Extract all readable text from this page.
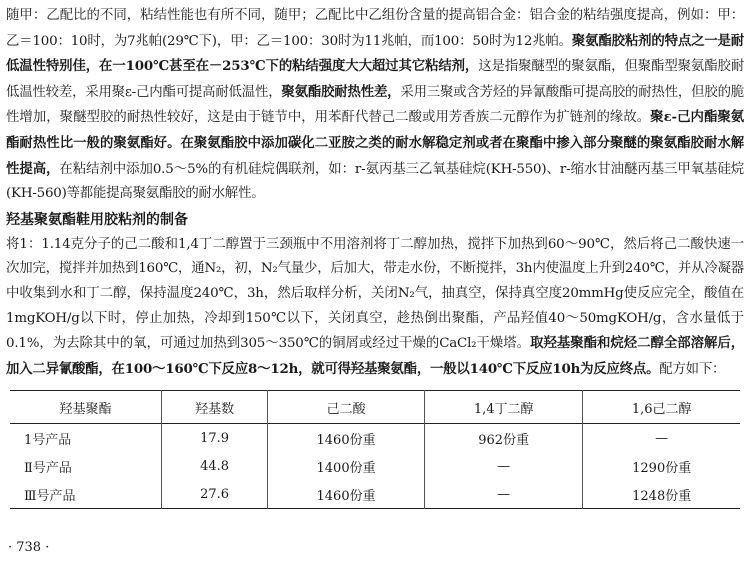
随甲：乙配比的不同，粘结性能也有所不同，随甲；乙配比中乙组份含量的提高铝合金：铝合金的粘结强度提高，例如：甲：乙＝100：10时，为7兆帕(29℃下)，甲：乙＝100：30时为11兆帕，而100：50时为12兆帕。聚氨酯胶粘剂的特点之一是耐低温性特别佳，在一100℃甚至在－253℃下的粘结强度大大超过其它粘结剂，这是指聚醚型的聚氨酯，但聚酯型聚氨酯胶耐低温性较差，采用聚ε-己内酯可提高耐低温性，聚氨酯胶耐热性差，采用三聚或含芳烃的异氰酸酯可提高胶的耐热性，但胶的脆性增加，聚醚型胶的耐热性较好，这是由于链节中，用苯酐代替己二酸或用芳香族二元醇作为扩链剂的缘故。聚ε-己内酯聚氨酯耐热性比一般的聚氨酯好。在聚氨酯胶中添加碳化二亚胺之类的耐水解稳定剂或者在聚酯中掺入部分聚醚的聚氨酯胶耐水解性提高，在粘结剂中添加0.5～5%的有机硅烷偶联剂，如：r-氨丙基三乙氧基硅烷(KH-550)、r-缩水甘油醚丙基三甲氧基硅烷(KH-560)等都能提高聚氨酯胶的耐水解性。

羟基聚氨酯鞋用胶粘剂的制备

将1：1.14克分子的己二酸和1,4丁二醇置于三颈瓶中不用溶剂将丁二醇加热，搅拌下加热到60～90℃，然后将己二酸快速一次加完，搅拌并加热到160℃，通N₂，初，N₂气量少，后加大，带走水份，不断搅拌，3h内使温度上升到240℃，并从冷凝器中收集到水和丁二醇，保持温度240℃，3h，然后取样分析，关闭N₂气，抽真空，保持真空度20mmHg使反应完全，酸值在1mgKOH/g以下时，停止加热，冷却到150℃以下，关闭真空，趁热倒出聚酯，产品羟值40～50mgKOH/g，含水量低于0.1%，为去除其中的氧，可通过加热到305～350℃的铜屑或经过干燥的CaCl₂干燥塔。取羟基聚酯和烷烃二醇全部溶解后，加入二异氰酸酯，在100～160℃下反应8～12h，就可得羟基聚氨酯，一般以140℃下反应10h为反应终点。配方如下：

羟基聚酯	羟基数	己二酸	1,4丁二醇	1,6己二醇
1号产品	17.9	1460份重	962份重	—
Ⅱ号产品	44.8	1400份重	—	1290份重
Ⅲ号产品	27.6	1460份重	—	1248份重
· 738 ·
